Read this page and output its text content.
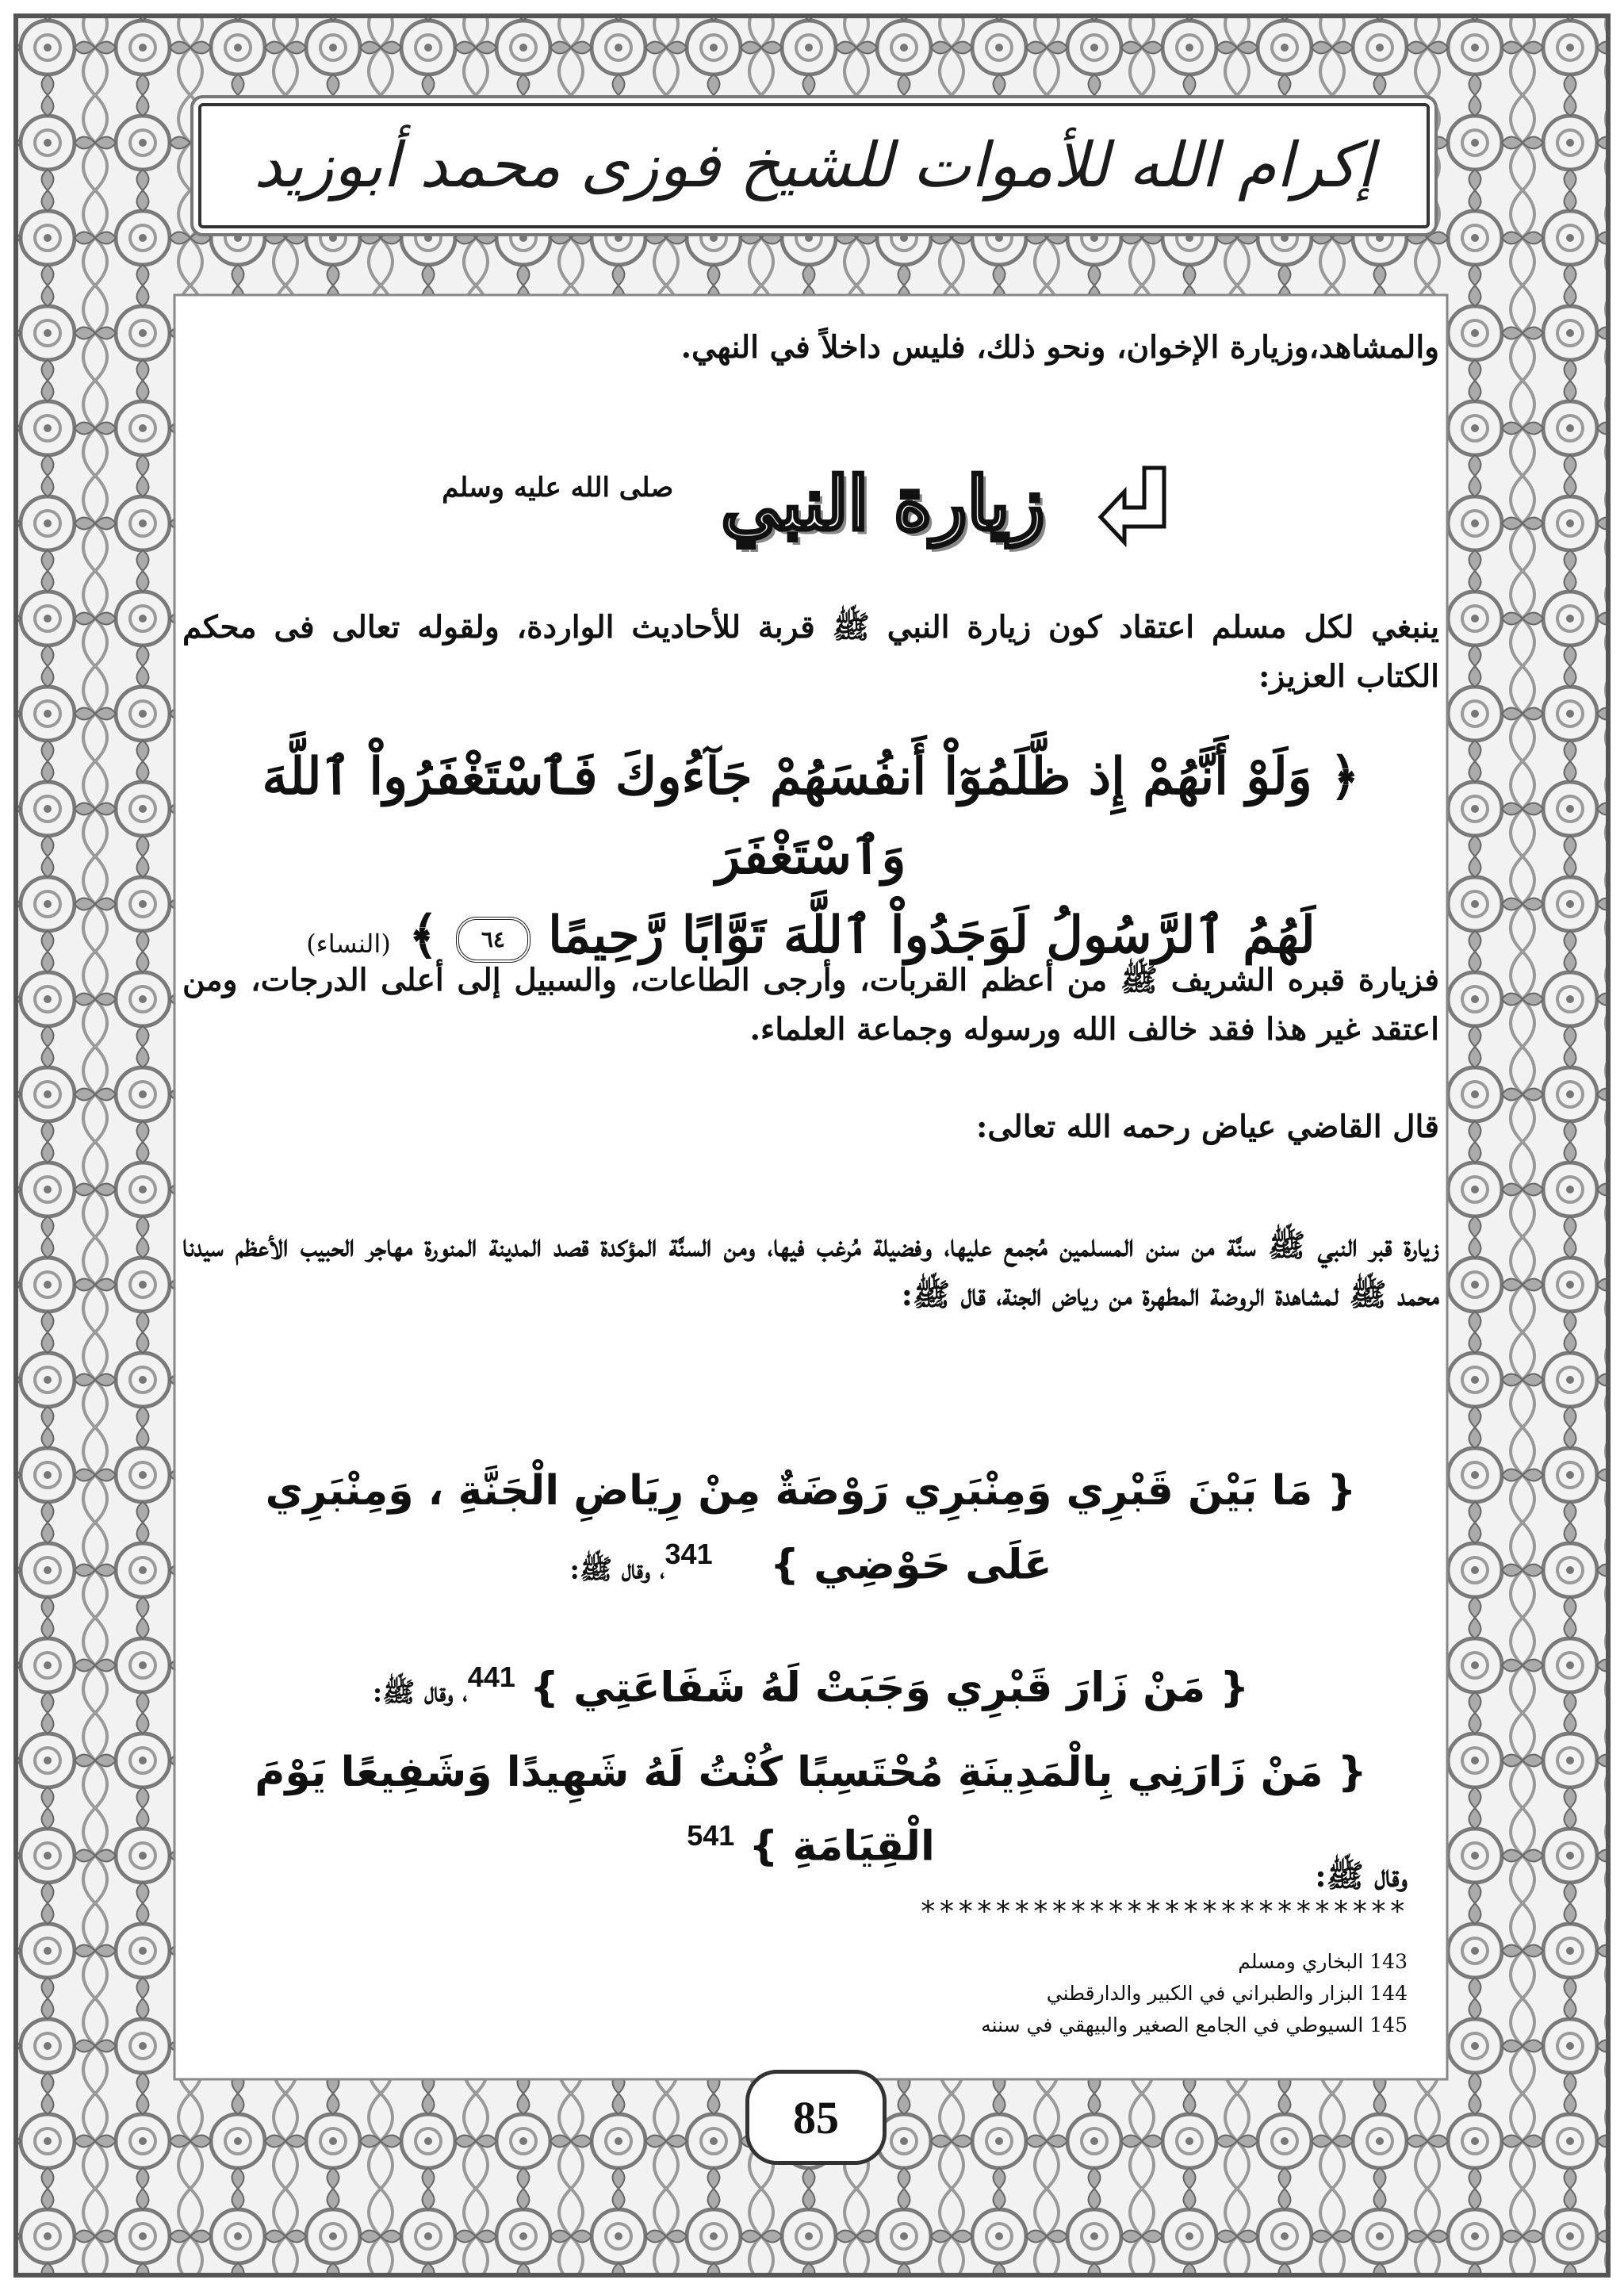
إكرام الله للأموات للشيخ فوزى محمد أبوزيد
والمشاهد،وزيارة الإخوان، ونحو ذلك، فليس داخلاً في النهي.
زيارة النبي
صلى الله عليه وسلم
ينبغي لكل مسلم اعتقاد كون زيارة النبي ﷺ قربة للأحاديث الواردة، ولقوله تعالى فى محكم الكتاب العزيز:
﴿ وَلَوْ أَنَّهُمْ إِذ ظَّلَمُوٓاْ أَنفُسَهُمْ جَآءُوكَ فَٱسْتَغْفَرُواْ ٱللَّهَ وَٱسْتَغْفَرَ
لَهُمُ ٱلرَّسُولُ لَوَجَدُواْ ٱللَّهَ تَوَّابًا رَّحِيمًا ٦٤ ﴾ (النساء)
فزيارة قبره الشريف ﷺ من أعظم القربات، وأرجى الطاعات، والسبيل إلى أعلى الدرجات، ومن اعتقد غير هذا فقد خالف الله ورسوله وجماعة العلماء.
قال القاضي عياض رحمه الله تعالى:
زيارة قبر النبي ﷺ سنَّة من سنن المسلمين مُجمع عليها، وفضيلة مُرغب فيها، ومن السنَّة المؤكدة قصد المدينة المنورة مهاجر الحبيب الأعظم سيدنا محمد ﷺ لمشاهدة الروضة المطهرة من رياض الجنة، قال ﷺ:
{ مَا بَيْنَ قَبْرِي وَمِنْبَرِي رَوْضَةٌ مِنْ رِيَاضِ الْجَنَّةِ ، وَمِنْبَرِي
عَلَى حَوْضِي }    $^{341}$، وقال ﷺ:
{ مَنْ زَارَ قَبْرِي وَجَبَتْ لَهُ شَفَاعَتِي } $^{441}$، وقال ﷺ:
{ مَنْ زَارَنِي بِالْمَدِينَةِ مُحْتَسِبًا كُنْتُ لَهُ شَهِيدًا وَشَفِيعًا يَوْمَ الْقِيَامَةِ } $^{541}$
وقال ﷺ:
**************************
143 البخاري ومسلم
144 البزار والطبراني في الكبير والدارقطني
145 السيوطي في الجامع الصغير والبيهقي في سننه
85
